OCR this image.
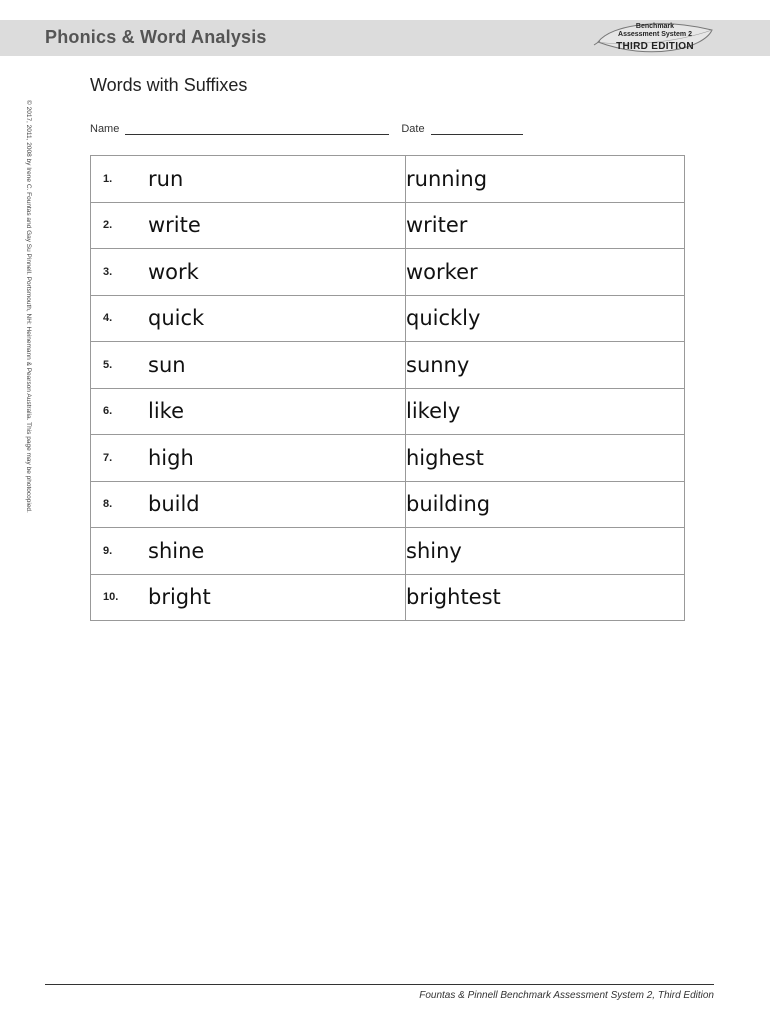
Phonics & Word Analysis
Benchmark
Assessment System 2
THIRD EDITION
© 2017, 2011, 2008 by Irene C. Fountas and Gay Su Pinnell. Portsmouth, NH: Heinemann & Pearson Australia. This page may be photocopied.
Words with Suffixes
Name	Date
1. run	running
2. write	writer
3. work	worker
4. quick	quickly
5. sun	sunny
6. like	likely
7. high	highest
8. build	building
9. shine	shiny
10. bright	brightest
Fountas & Pinnell Benchmark Assessment System 2, Third Edition
